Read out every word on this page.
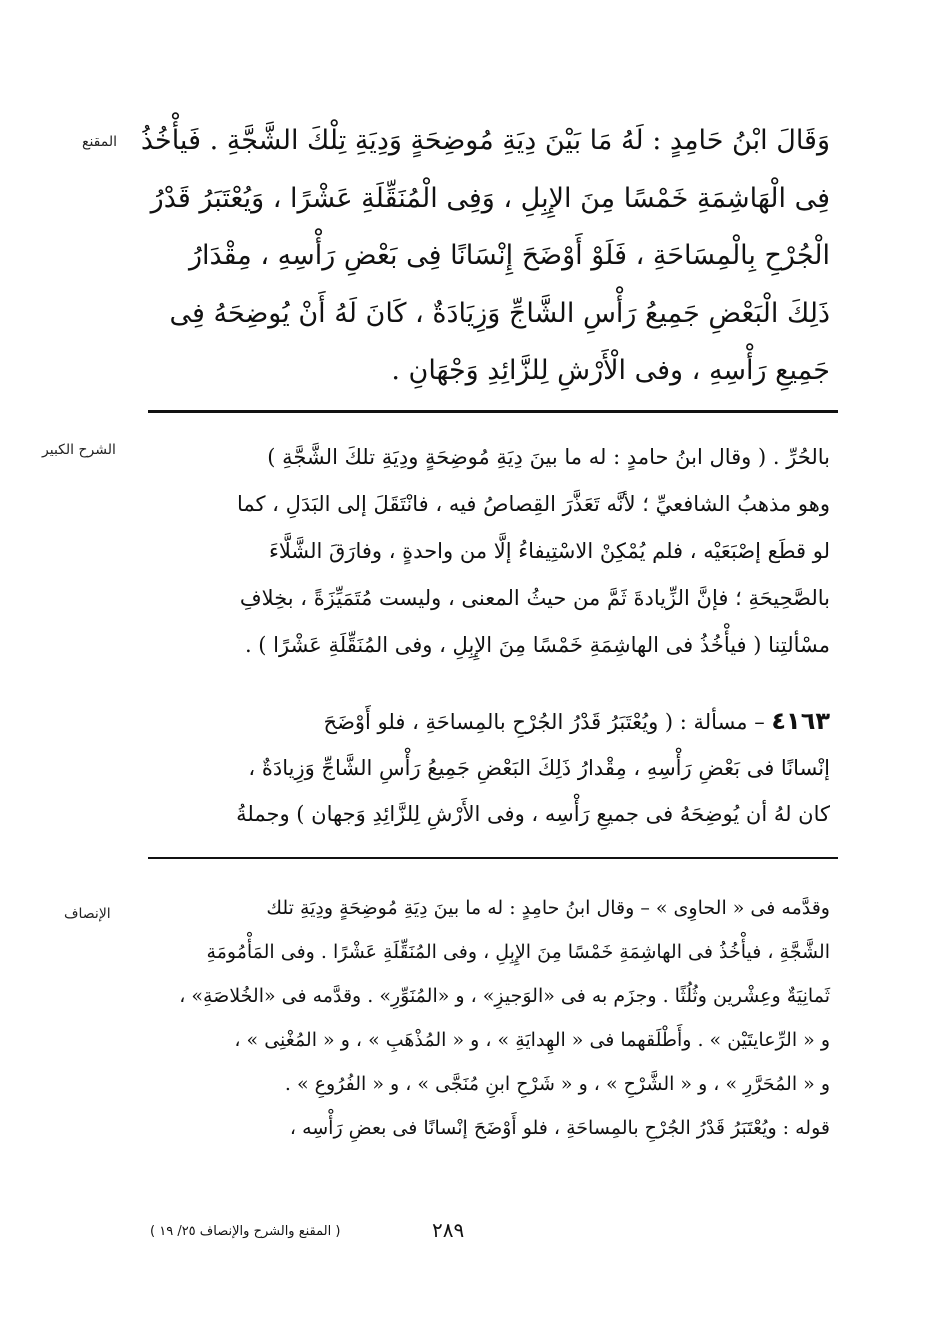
المقنع
الشرح الكبير
الإنصاف

وَقَالَ ابْنُ حَامِدٍ : لَهُ مَا بَيْنَ دِيَةِ مُوضِحَةٍ وَدِيَةِ تِلْكَ الشَّجَّةِ . فَيأْخُذُ

فِى الْهَاشِمَةِ خَمْسًا مِنَ الإِبِلِ ، وَفِى الْمُنَقِّلَةِ عَشْرًا ، وَيُعْتَبَرُ قَدْرُ

الْجُرْحِ بِالْمِسَاحَةِ ، فَلَوْ أَوْضَحَ إِنْسَانًا فِى بَعْضِ رَأْسِهِ ، مِقْدَارُ

ذَلِكَ الْبَعْضِ جَمِيعُ رَأْسِ الشَّاجِّ وَزِيَادَةٌ ، كَانَ لَهُ أَنْ يُوضِحَهُ فِى

جَمِيعِ رَأْسِهِ ، وفى الْأَرْشِ لِلزَّائِدِ وَجْهَانِ .

بالحُرِّ . ( وقال ابنُ حامدٍ : له ما بينَ دِيَةِ مُوضِحَةٍ ودِيَةِ تلكَ الشَّجَّةِ )

وهو مذهبُ الشافعيِّ ؛ لأنَّه تَعَذَّرَ القِصاصُ فيه ، فانْتَقَلَ إلى البَدَلِ ، كما

لو قطَع إصْبَعَيْه ، فلم يُمْكِنْ الاسْتِيفاءُ إلَّا من واحدةٍ ، وفارَقَ الشَّلَّاءَ

بالصَّحِيحَةِ ؛ فإنَّ الزِّيادةَ ثَمَّ من حيثُ المعنى ، وليست مُتَمَيِّزَةً ، بخِلافِ

مسْألتِنا ( فيأْخُذُ فى الهاشِمَةِ خَمْسًا مِنَ الإِبِلِ ، وفى المُنَقِّلَةِ عَشْرًا ) .

٤١٦٣ – مسألة : ( ويُعْتَبَرُ قَدْرُ الجُرْحِ بالمِساحَةِ ، فلو أَوْضَحَ

إنْسانًا فى بَعْضِ رَأْسِهِ ، مِقْدارُ ذَلِكَ البَعْضِ جَمِيعُ رَأْسِ الشَّاجِّ وَزِيادَةٌ ،

كان لهُ أن يُوضِحَهُ فى جميعِ رَأْسِه ، وفى الأَرْشِ لِلزَّائِدِ وَجهان ) وجملةُ

وقدَّمه فى « الحاوِى » – وقال ابنُ حامِدٍ : له ما بينَ دِيَةِ مُوضِحَةٍ ودِيَةِ تلك

الشَّجَّةِ ، فيأْخُذُ فى الهاشِمَةِ خَمْسًا مِنَ الإِبِلِ ، وفى المُنَقِّلَةِ عَشْرًا . وفى المَأْمُومَةِ

ثَمانِيَةٌ وعِشْرين وثُلُثًا . وجزَم به فى «الوَجيزِ» ، و «المُنَوِّرِ» . وقدَّمه فى «الخُلاصَةِ» ،

و « الرِّعايتَيْن » . وأَطْلَقهما فى « الهِدايَةِ » ، و « المُذْهَبِ » ، و « المُغْنِى » ،

و « المُحَرَّرِ » ، و « الشَّرْحِ » ، و « شَرْحِ ابنِ مُنَجَّى » ، و « الفُرُوعِ » .

قوله : ويُعْتَبَرُ قَدْرُ الجُرْحِ بالمِساحَةِ ، فلو أَوْضَحَ إنْسانًا فى بعضِ رَأْسِه ،

٢٨٩
( المقنع والشرح والإنصاف ٢٥/ ١٩ )
